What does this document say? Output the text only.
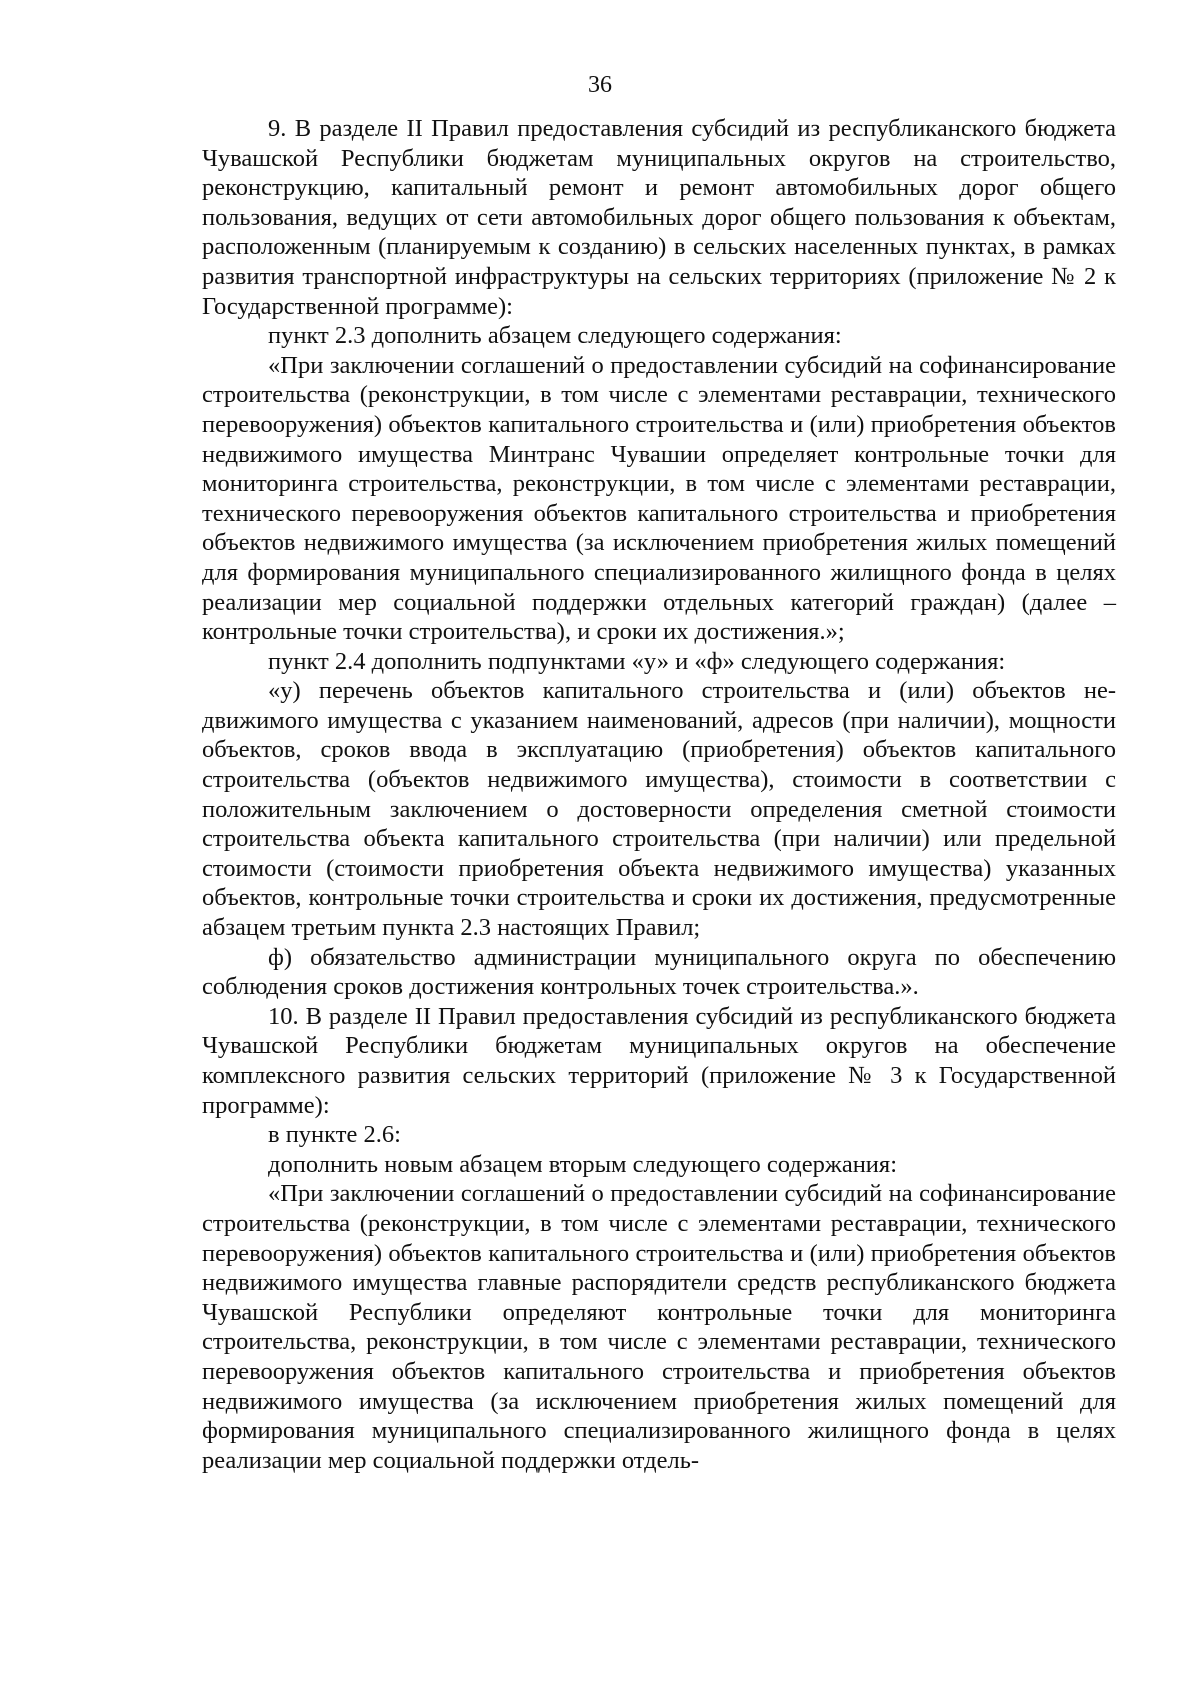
36

9. В разделе II Правил предоставления субсидий из республиканского бюджета Чувашской Республики бюджетам муниципальных округов на строительство, реконструкцию, капитальный ремонт и ремонт автомобильных дорог общего пользования, ведущих от сети автомобильных дорог общего пользования к объектам, расположенным (планируемым к созданию) в сельских населенных пунктах, в рамках развития транспортной инфраструктуры на сельских территориях (приложение № 2 к Государственной программе):

пункт 2.3 дополнить абзацем следующего содержания:

«При заключении соглашений о предоставлении субсидий на софинансирование строительства (реконструкции, в том числе с элементами реставрации, технического перевооружения) объектов капитального строительства и (или) приобретения объектов недвижимого имущества Минтранс Чувашии определяет контрольные точки для мониторинга строительства, реконструкции, в том числе с элементами реставрации, технического перевооружения объектов капитального строительства и приобретения объектов недвижимого имущества (за исключением приобретения жилых помещений для формирования муниципального специализированного жилищного фонда в целях реализации мер социальной поддержки отдельных категорий граждан) (далее – контрольные точки строительства), и сроки их достижения.»;

пункт 2.4 дополнить подпунктами «у» и «ф» следующего содержания:

«у) перечень объектов капитального строительства и (или) объектов недвижимого имущества с указанием наименований, адресов (при наличии), мощности объектов, сроков ввода в эксплуатацию (приобретения) объектов капитального строительства (объектов недвижимого имущества), стоимости в соответствии с положительным заключением о достоверности определения сметной стоимости строительства объекта капитального строительства (при наличии) или предельной стоимости (стоимости приобретения объекта недвижимого имущества) указанных объектов, контрольные точки строительства и сроки их достижения, предусмотренные абзацем третьим пункта 2.3 настоящих Правил;

ф) обязательство администрации муниципального округа по обеспечению соблюдения сроков достижения контрольных точек строительства.».

10. В разделе II Правил предоставления субсидий из республиканского бюджета Чувашской Республики бюджетам муниципальных округов на обеспечение комплексного развития сельских территорий (приложение № 3 к Государственной программе):

в пункте 2.6:

дополнить новым абзацем вторым следующего содержания:

«При заключении соглашений о предоставлении субсидий на софинансирование строительства (реконструкции, в том числе с элементами реставрации, технического перевооружения) объектов капитального строительства и (или) приобретения объектов недвижимого имущества главные распорядители средств республиканского бюджета Чувашской Республики определяют контрольные точки для мониторинга строительства, реконструкции, в том числе с элементами реставрации, технического перевооружения объектов капитального строительства и приобретения объектов недвижимого имущества (за исключением приобретения жилых помещений для формирования муниципального специализированного жилищного фонда в целях реализации мер социальной поддержки отдель-
